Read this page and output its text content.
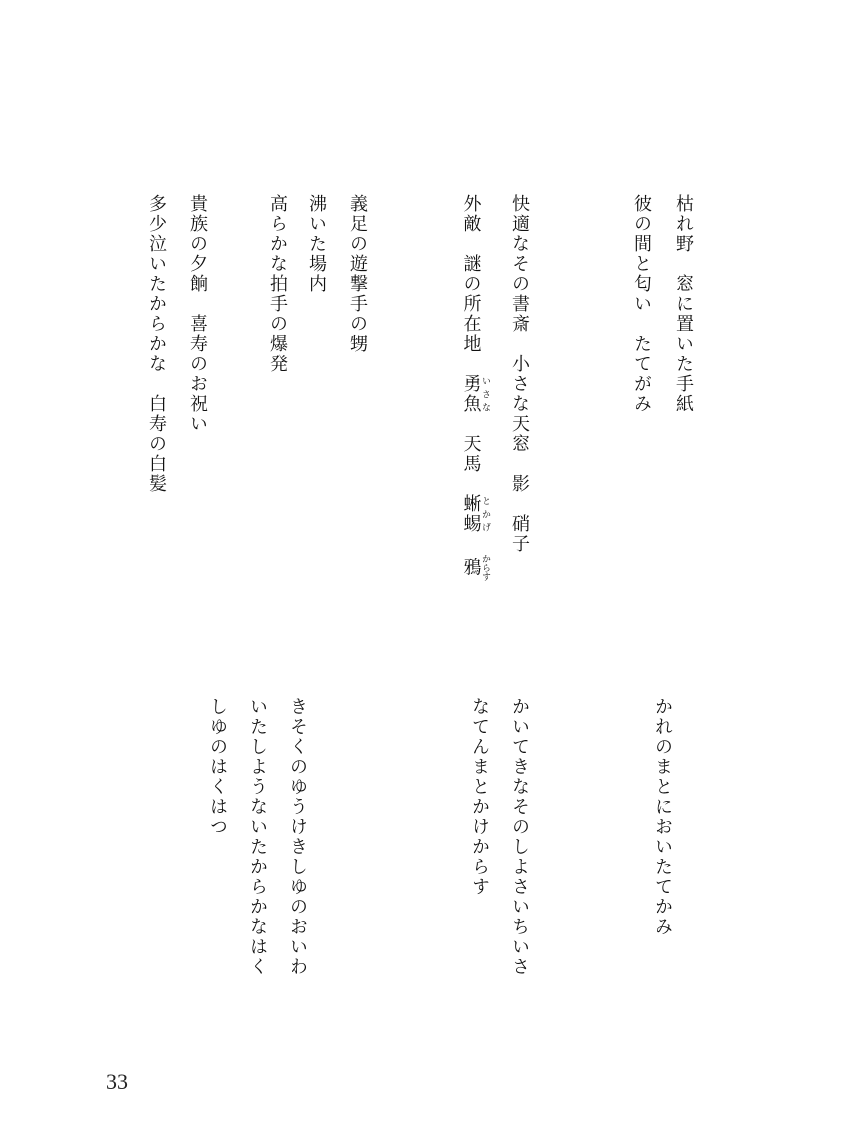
枯れ野窓に置いた手紙
彼の間と匂いたてがみ
快適なその書斎小さな天窓影硝子
外敵謎の所在地勇魚いさな天馬蜥蜴とかげ鴉からす
義足の遊撃手の甥
沸いた場内
高らかな拍手の爆発
貴族の夕餉喜寿のお祝い
多少泣いたからかな白寿の白髪
かれのまとにおいたてかみ
かいてきなそのしよさいちいさ
なてんまとかけからす
きそくのゆうけきしゆのおいわ
いたしようないたからかなはく
しゆのはくはつ
33
